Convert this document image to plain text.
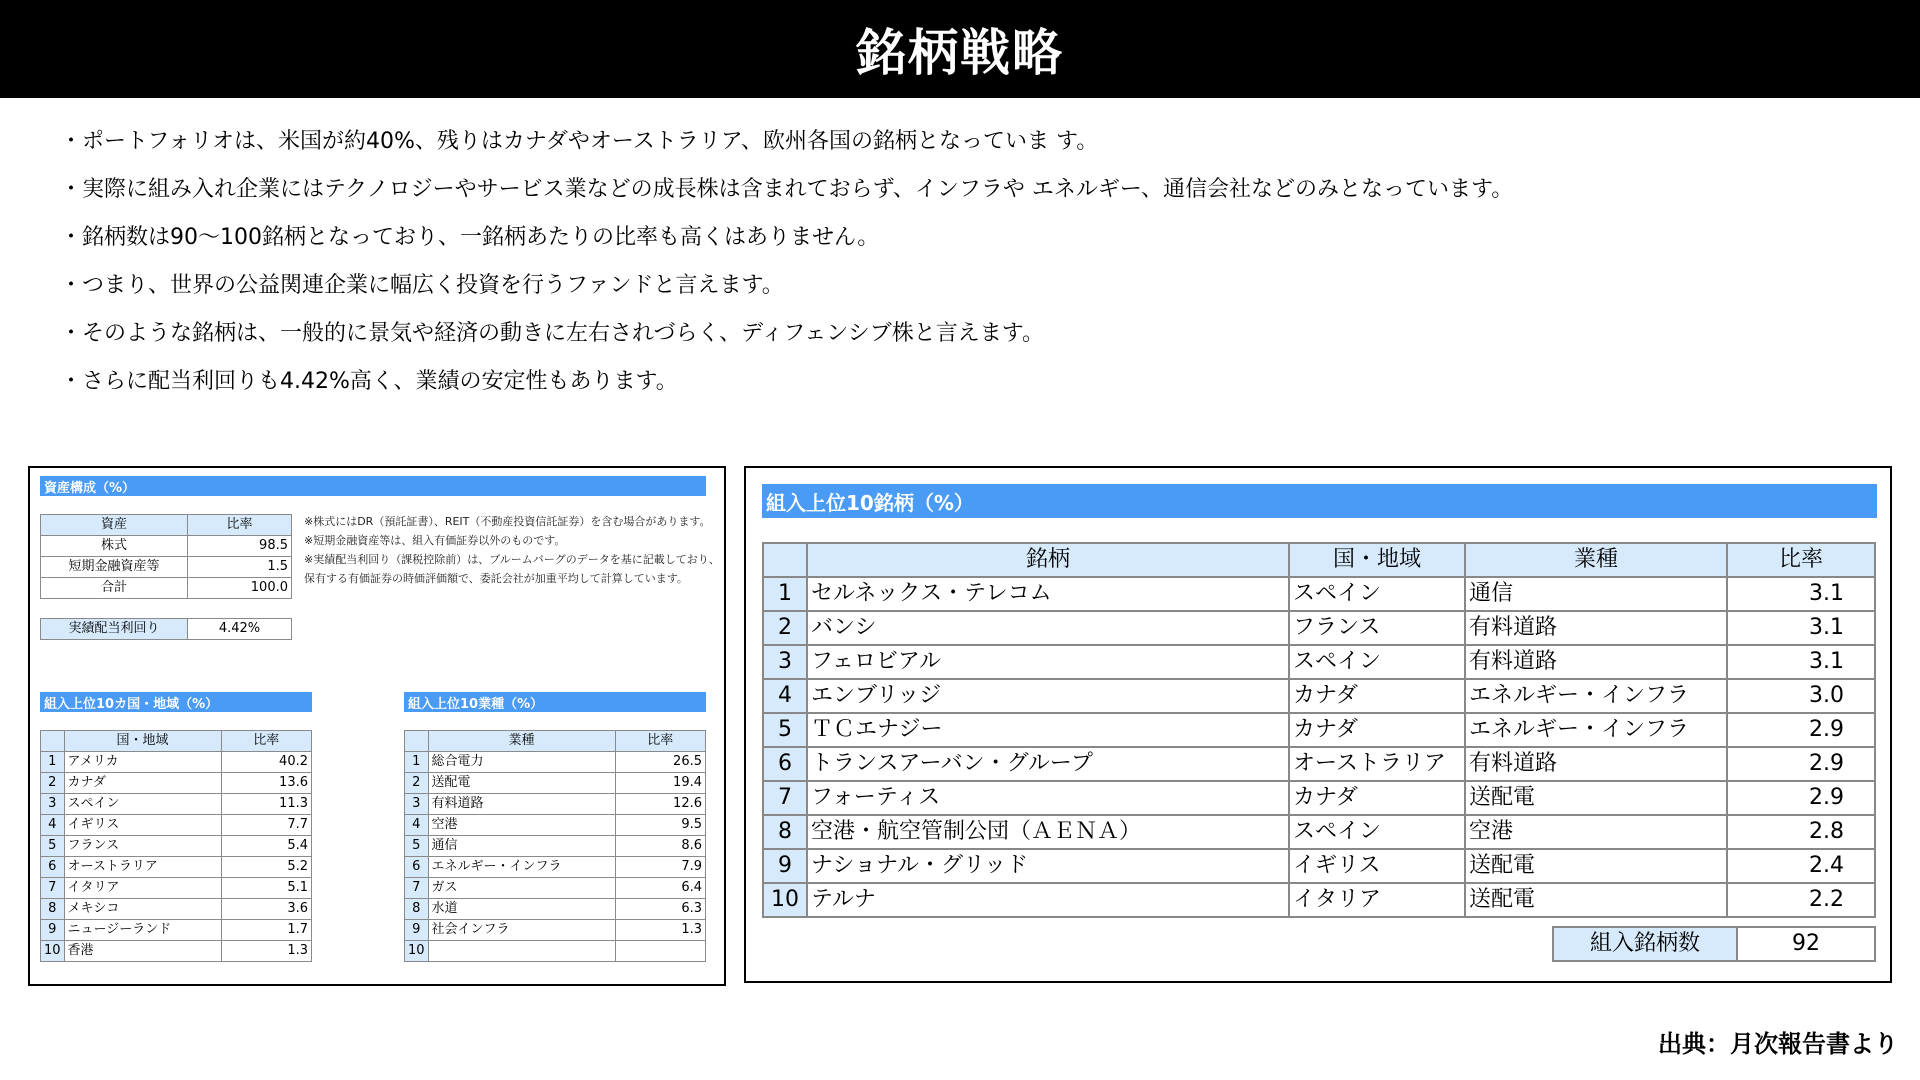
銘柄戦略
・ポートフォリオは、米国が約40%、残りはカナダやオーストラリア、欧州各国の銘柄となっていま す。
・実際に組み入れ企業にはテクノロジーやサービス業などの成長株は含まれておらず、インフラや エネルギー、通信会社などのみとなっています。
・銘柄数は90～100銘柄となっており、一銘柄あたりの比率も高くはありません。
・つまり、世界の公益関連企業に幅広く投資を行うファンドと言えます。
・そのような銘柄は、一般的に景気や経済の動きに左右されづらく、ディフェンシブ株と言えます。
・さらに配当利回りも4.42%高く、業績の安定性もあります。
資産構成（%）
資産	比率
株式	98.5
短期金融資産等	1.5
合計	100.0
※株式にはDR（預託証書）、REIT（不動産投資信託証券）を含む場合があります。
※短期金融資産等は、組入有価証券以外のものです。
※実績配当利回り（課税控除前）は、ブルームバーグのデータを基に記載しており、
保有する有価証券の時価評価額で、委託会社が加重平均して計算しています。
実績配当利回り	4.42%
組入上位10カ国・地域（%）	組入上位10業種（%）
	国・地域	比率
1	アメリカ	40.2
2	カナダ	13.6
3	スペイン	11.3
4	イギリス	7.7
5	フランス	5.4
6	オーストラリア	5.2
7	イタリア	5.1
8	メキシコ	3.6
9	ニュージーランド	1.7
10	香港	1.3
	業種	比率
1	総合電力	26.5
2	送配電	19.4
3	有料道路	12.6
4	空港	9.5
5	通信	8.6
6	エネルギー・インフラ	7.9
7	ガス	6.4
8	水道	6.3
9	社会インフラ	1.3
10		
組入上位10銘柄（%）
	銘柄	国・地域	業種	比率
1	セルネックス・テレコム	スペイン	通信	3.1
2	バンシ	フランス	有料道路	3.1
3	フェロビアル	スペイン	有料道路	3.1
4	エンブリッジ	カナダ	エネルギー・インフラ	3.0
5	ＴＣエナジー	カナダ	エネルギー・インフラ	2.9
6	トランスアーバン・グループ	オーストラリア	有料道路	2.9
7	フォーティス	カナダ	送配電	2.9
8	空港・航空管制公団（ＡＥＮＡ）	スペイン	空港	2.8
9	ナショナル・グリッド	イギリス	送配電	2.4
10	テルナ	イタリア	送配電	2.2
組入銘柄数	92
出典：月次報告書より
